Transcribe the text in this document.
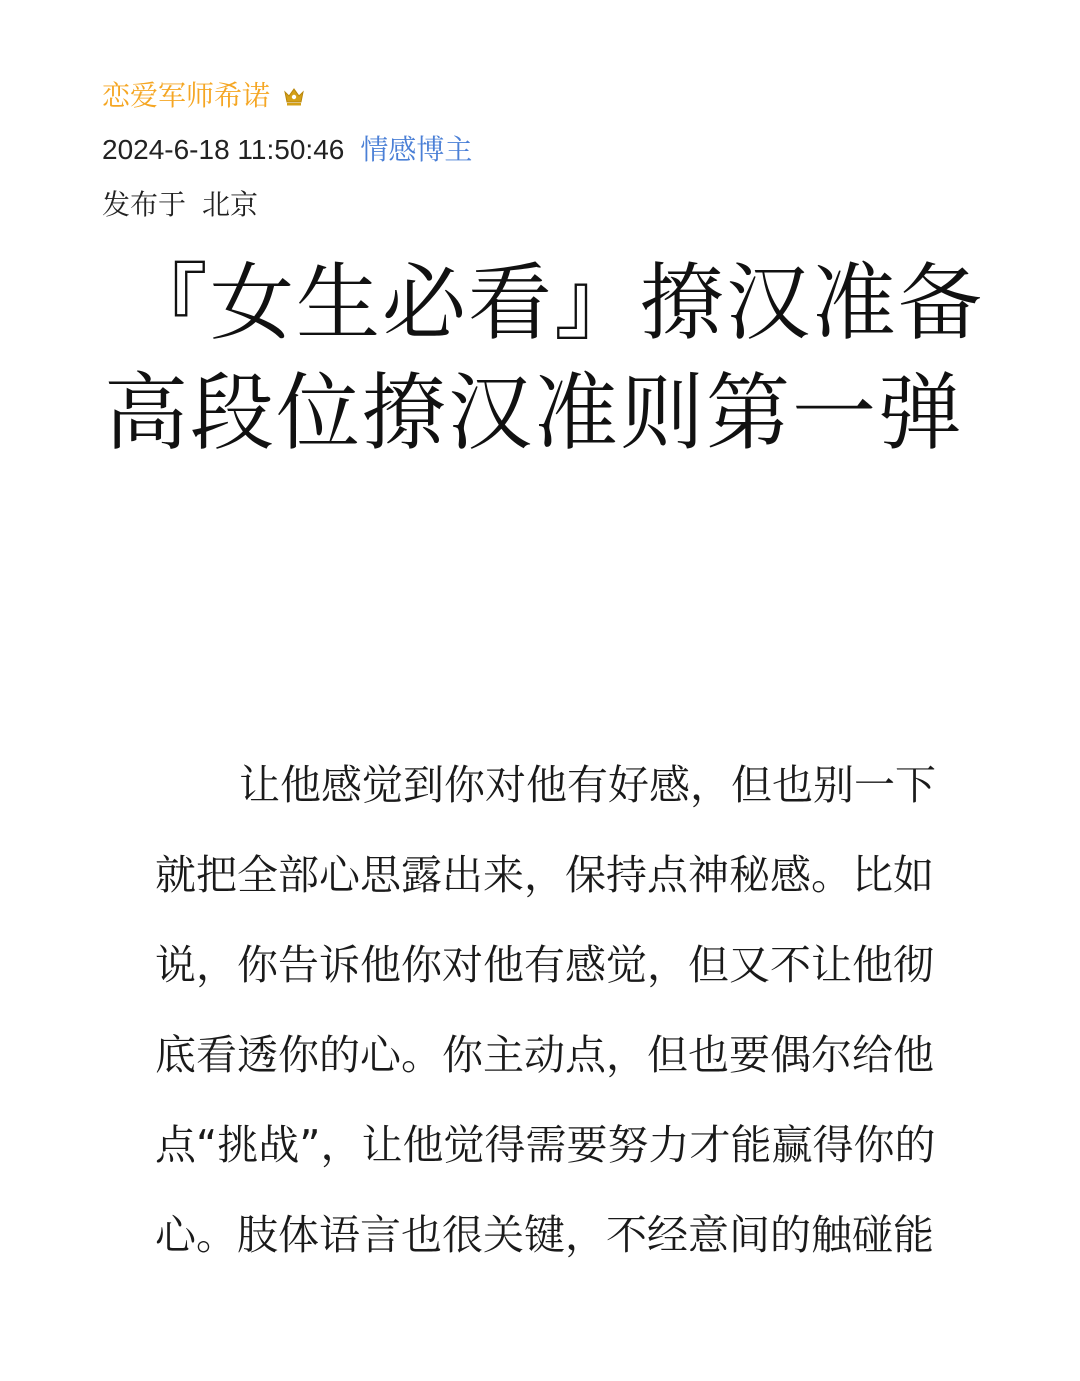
恋爱军师希诺
2024-6-18 11:50:46 情感博主
发布于 北京
『女生必看』撩汉准备
高段位撩汉准则第一弹
让他感觉到你对他有好感，但也别一下
就把全部心思露出来，保持点神秘感。比如
说，你告诉他你对他有感觉，但又不让他彻
底看透你的心。你主动点，但也要偶尔给他
点“挑战”，让他觉得需要努力才能赢得你的
心。肢体语言也很关键，不经意间的触碰能
